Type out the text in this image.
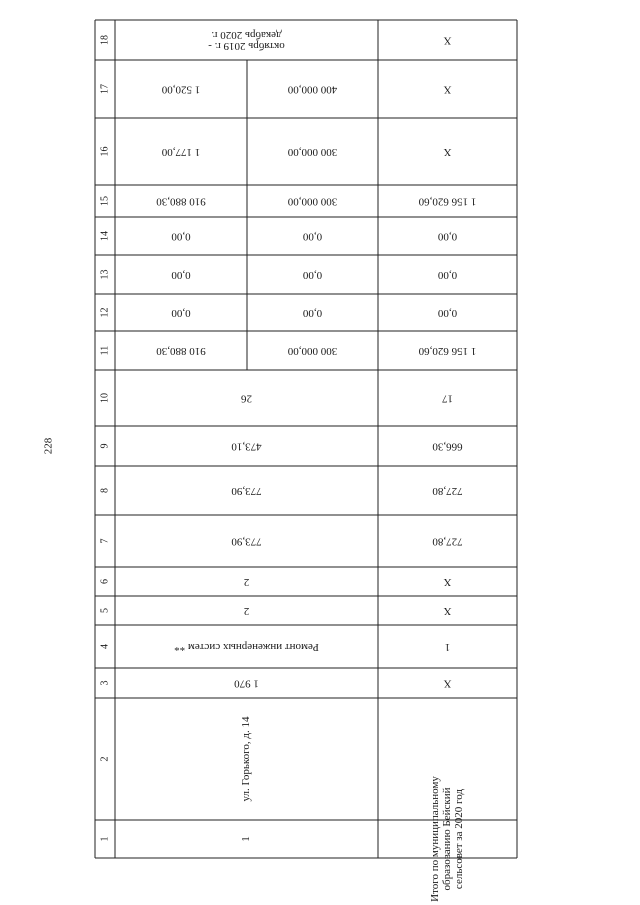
228
1	1	Итого по муниципальному образованию Бейский сельсовет за 2020 год
2	ул. Горького, д. 14
3	1 970	X
4	Ремонт инженерных систем **	1
5	2	X
6	2	X
7	773,90	727,80
8	773,90	727,80
9	473,10	666,30
10	26	17
11	910 880,30	300 000,00	1 156 620,60
12	0,00	0,00	0,00
13	0,00	0,00	0,00
14	0,00	0,00	0,00
15	910 880,30	300 000,00	1 156 620,60
16	1 177,00	300 000,00	X
17	1 520,00	400 000,00	X
18	октябрь 2019 г. -
декабрь 2020 г.	X
